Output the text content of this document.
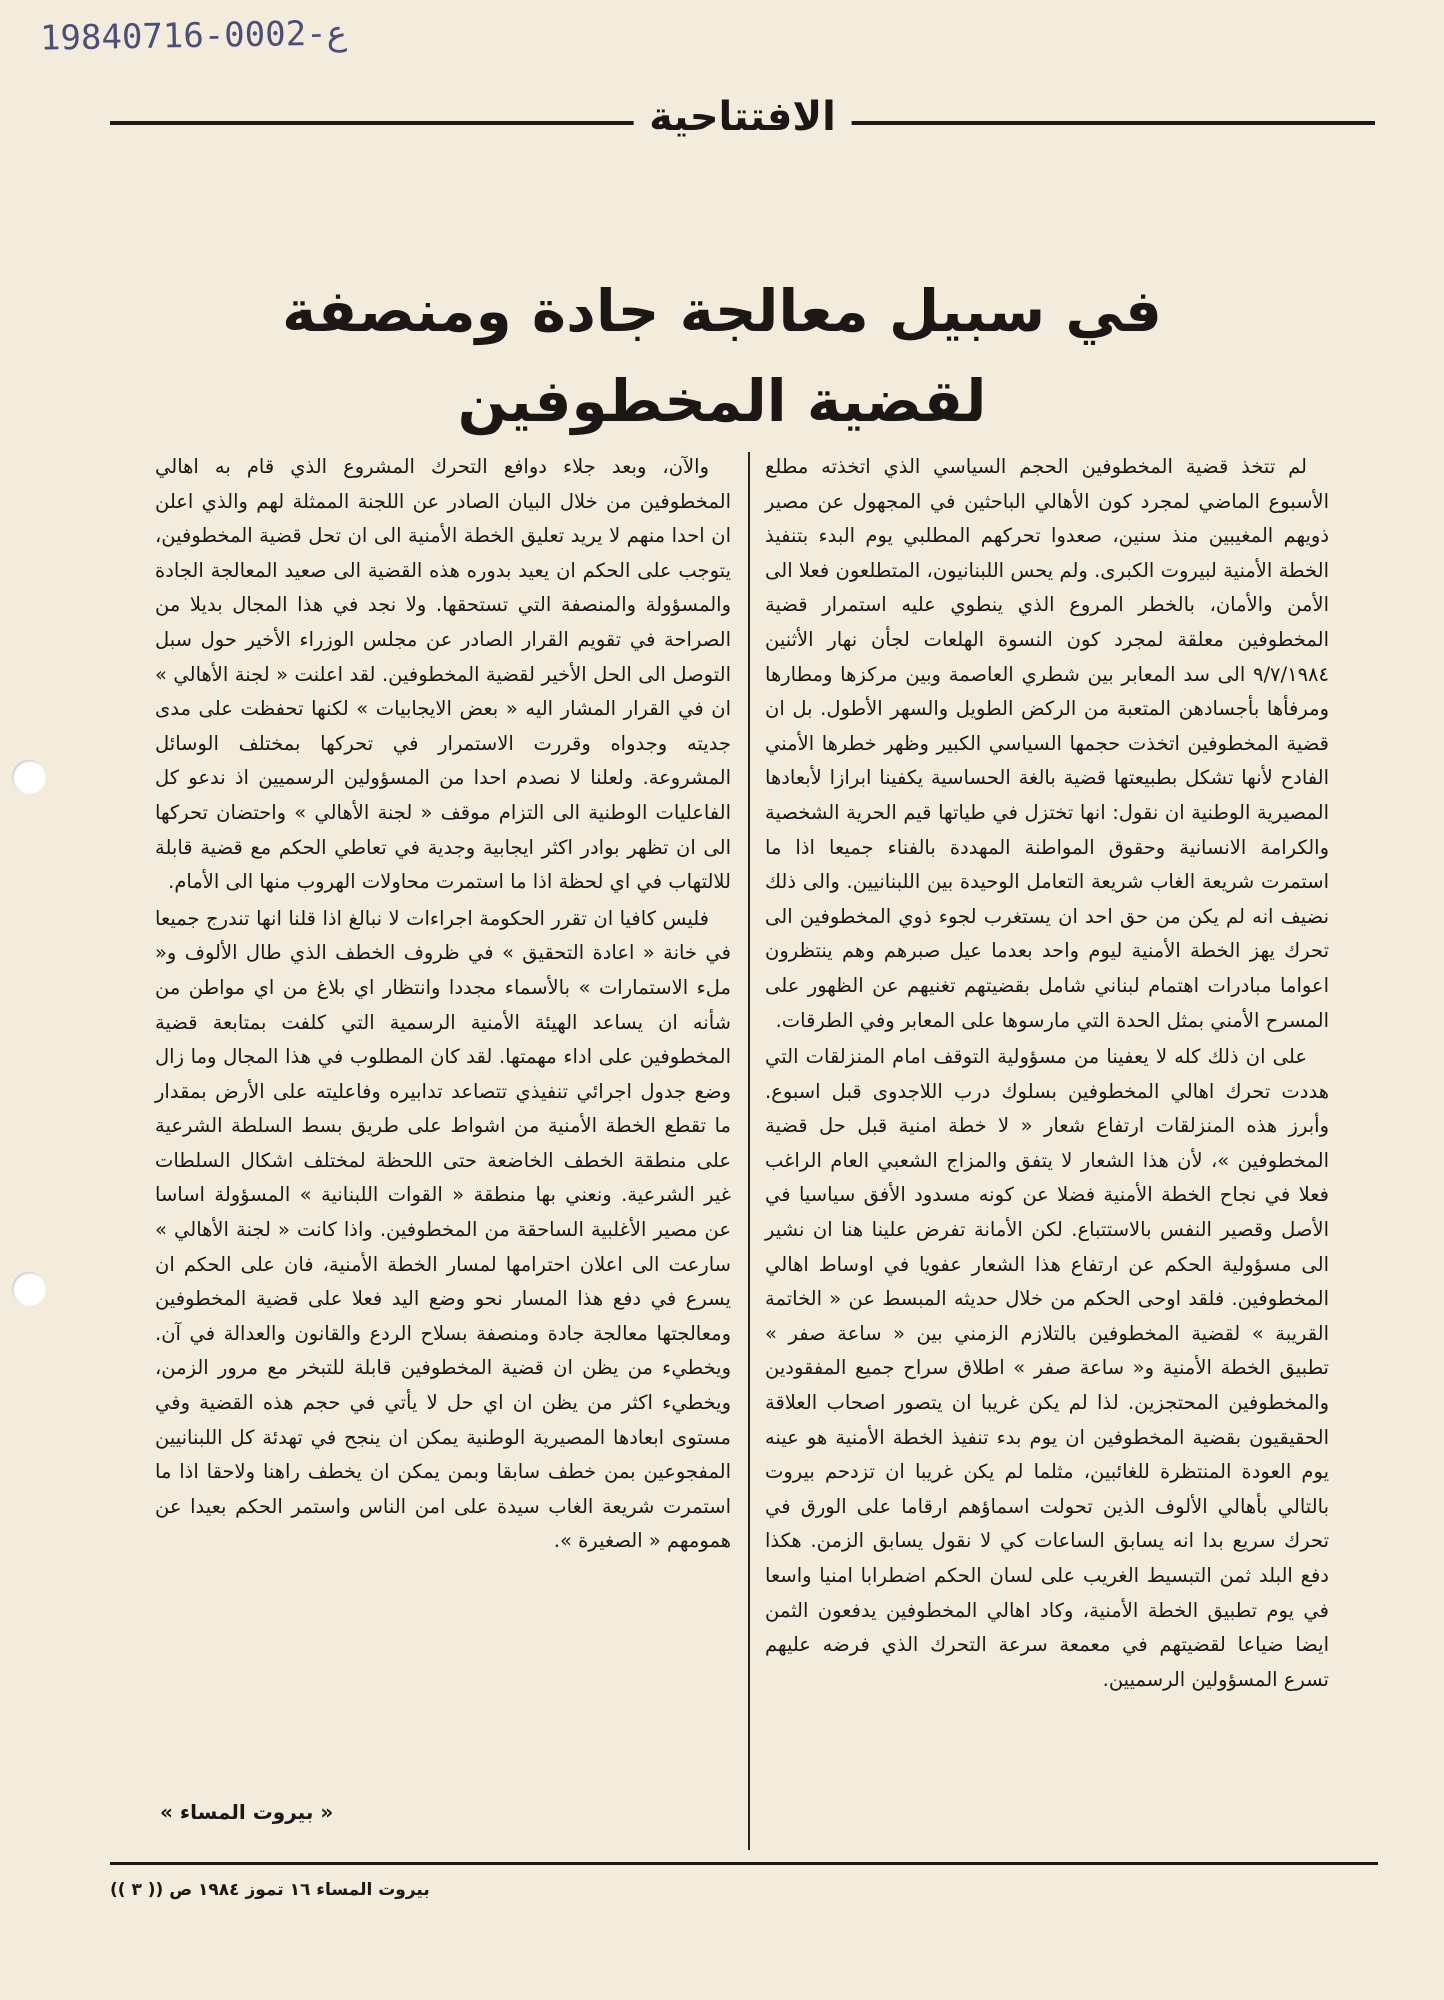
19840716-0002-ع
الافتتاحية
في سبيل معالجة جادة ومنصفة
لقضية المخطوفين

لم تتخذ قضية المخطوفين الحجم السياسي الذي اتخذته مطلع الأسبوع الماضي لمجرد كون الأهالي الباحثين في المجهول عن مصير ذويهم المغيبين منذ سنين، صعدوا تحركهم المطلبي يوم البدء بتنفيذ الخطة الأمنية لبيروت الكبرى. ولم يحس اللبنانيون، المتطلعون فعلا الى الأمن والأمان، بالخطر المروع الذي ينطوي عليه استمرار قضية المخطوفين معلقة لمجرد كون النسوة الهلعات لجأن نهار الأثنين ٩/٧/١٩٨٤ الى سد المعابر بين شطري العاصمة وبين مركزها ومطارها ومرفأها بأجسادهن المتعبة من الركض الطويل والسهر الأطول. بل ان قضية المخطوفين اتخذت حجمها السياسي الكبير وظهر خطرها الأمني الفادح لأنها تشكل بطبيعتها قضية بالغة الحساسية يكفينا ابرازا لأبعادها المصيرية الوطنية ان نقول: انها تختزل في طياتها قيم الحرية الشخصية والكرامة الانسانية وحقوق المواطنة المهددة بالفناء جميعا اذا ما استمرت شريعة الغاب شريعة التعامل الوحيدة بين اللبنانيين. والى ذلك نضيف انه لم يكن من حق احد ان يستغرب لجوء ذوي المخطوفين الى تحرك يهز الخطة الأمنية ليوم واحد بعدما عيل صبرهم وهم ينتظرون اعواما مبادرات اهتمام لبناني شامل بقضيتهم تغنيهم عن الظهور على المسرح الأمني بمثل الحدة التي مارسوها على المعابر وفي الطرقات.

على ان ذلك كله لا يعفينا من مسؤولية التوقف امام المنزلقات التي هددت تحرك اهالي المخطوفين بسلوك درب اللاجدوى قبل اسبوع. وأبرز هذه المنزلقات ارتفاع شعار « لا خطة امنية قبل حل قضية المخطوفين »، لأن هذا الشعار لا يتفق والمزاج الشعبي العام الراغب فعلا في نجاح الخطة الأمنية فضلا عن كونه مسدود الأفق سياسيا في الأصل وقصير النفس بالاستتباع. لكن الأمانة تفرض علينا هنا ان نشير الى مسؤولية الحكم عن ارتفاع هذا الشعار عفويا في اوساط اهالي المخطوفين. فلقد اوحى الحكم من خلال حديثه المبسط عن « الخاتمة القريبة » لقضية المخطوفين بالتلازم الزمني بين « ساعة صفر » تطبيق الخطة الأمنية و« ساعة صفر » اطلاق سراح جميع المفقودين والمخطوفين المحتجزين. لذا لم يكن غريبا ان يتصور اصحاب العلاقة الحقيقيون بقضية المخطوفين ان يوم بدء تنفيذ الخطة الأمنية هو عينه يوم العودة المنتظرة للغائبين، مثلما لم يكن غريبا ان تزدحم بيروت بالتالي بأهالي الألوف الذين تحولت اسماؤهم ارقاما على الورق في تحرك سريع بدا انه يسابق الساعات كي لا نقول يسابق الزمن. هكذا دفع البلد ثمن التبسيط الغريب على لسان الحكم اضطرابا امنيا واسعا في يوم تطبيق الخطة الأمنية، وكاد اهالي المخطوفين يدفعون الثمن ايضا ضياعا لقضيتهم في معمعة سرعة التحرك الذي فرضه عليهم تسرع المسؤولين الرسميين.

والآن، وبعد جلاء دوافع التحرك المشروع الذي قام به اهالي المخطوفين من خلال البيان الصادر عن اللجنة الممثلة لهم والذي اعلن ان احدا منهم لا يريد تعليق الخطة الأمنية الى ان تحل قضية المخطوفين، يتوجب على الحكم ان يعيد بدوره هذه القضية الى صعيد المعالجة الجادة والمسؤولة والمنصفة التي تستحقها. ولا نجد في هذا المجال بديلا من الصراحة في تقويم القرار الصادر عن مجلس الوزراء الأخير حول سبل التوصل الى الحل الأخير لقضية المخطوفين. لقد اعلنت « لجنة الأهالي » ان في القرار المشار اليه « بعض الايجابيات » لكنها تحفظت على مدى جديته وجدواه وقررت الاستمرار في تحركها بمختلف الوسائل المشروعة. ولعلنا لا نصدم احدا من المسؤولين الرسميين اذ ندعو كل الفاعليات الوطنية الى التزام موقف « لجنة الأهالي » واحتضان تحركها الى ان تظهر بوادر اكثر ايجابية وجدية في تعاطي الحكم مع قضية قابلة للالتهاب في اي لحظة اذا ما استمرت محاولات الهروب منها الى الأمام.

فليس كافيا ان تقرر الحكومة اجراءات لا نبالغ اذا قلنا انها تندرج جميعا في خانة « اعادة التحقيق » في ظروف الخطف الذي طال الألوف و« ملء الاستمارات » بالأسماء مجددا وانتظار اي بلاغ من اي مواطن من شأنه ان يساعد الهيئة الأمنية الرسمية التي كلفت بمتابعة قضية المخطوفين على اداء مهمتها. لقد كان المطلوب في هذا المجال وما زال وضع جدول اجرائي تنفيذي تتصاعد تدابيره وفاعليته على الأرض بمقدار ما تقطع الخطة الأمنية من اشواط على طريق بسط السلطة الشرعية على منطقة الخطف الخاضعة حتى اللحظة لمختلف اشكال السلطات غير الشرعية. ونعني بها منطقة « القوات اللبنانية » المسؤولة اساسا عن مصير الأغلبية الساحقة من المخطوفين. واذا كانت « لجنة الأهالي » سارعت الى اعلان احترامها لمسار الخطة الأمنية، فان على الحكم ان يسرع في دفع هذا المسار نحو وضع اليد فعلا على قضية المخطوفين ومعالجتها معالجة جادة ومنصفة بسلاح الردع والقانون والعدالة في آن. ويخطيء من يظن ان قضية المخطوفين قابلة للتبخر مع مرور الزمن، ويخطيء اكثر من يظن ان اي حل لا يأتي في حجم هذه القضية وفي مستوى ابعادها المصيرية الوطنية يمكن ان ينجح في تهدئة كل اللبنانيين المفجوعين بمن خطف سابقا وبمن يمكن ان يخطف راهنا ولاحقا اذا ما استمرت شريعة الغاب سيدة على امن الناس واستمر الحكم بعيدا عن همومهم « الصغيرة ».

« بيروت المساء »
بيروت المساء ١٦ تموز ١٩٨٤ ص (( ٣ ))
